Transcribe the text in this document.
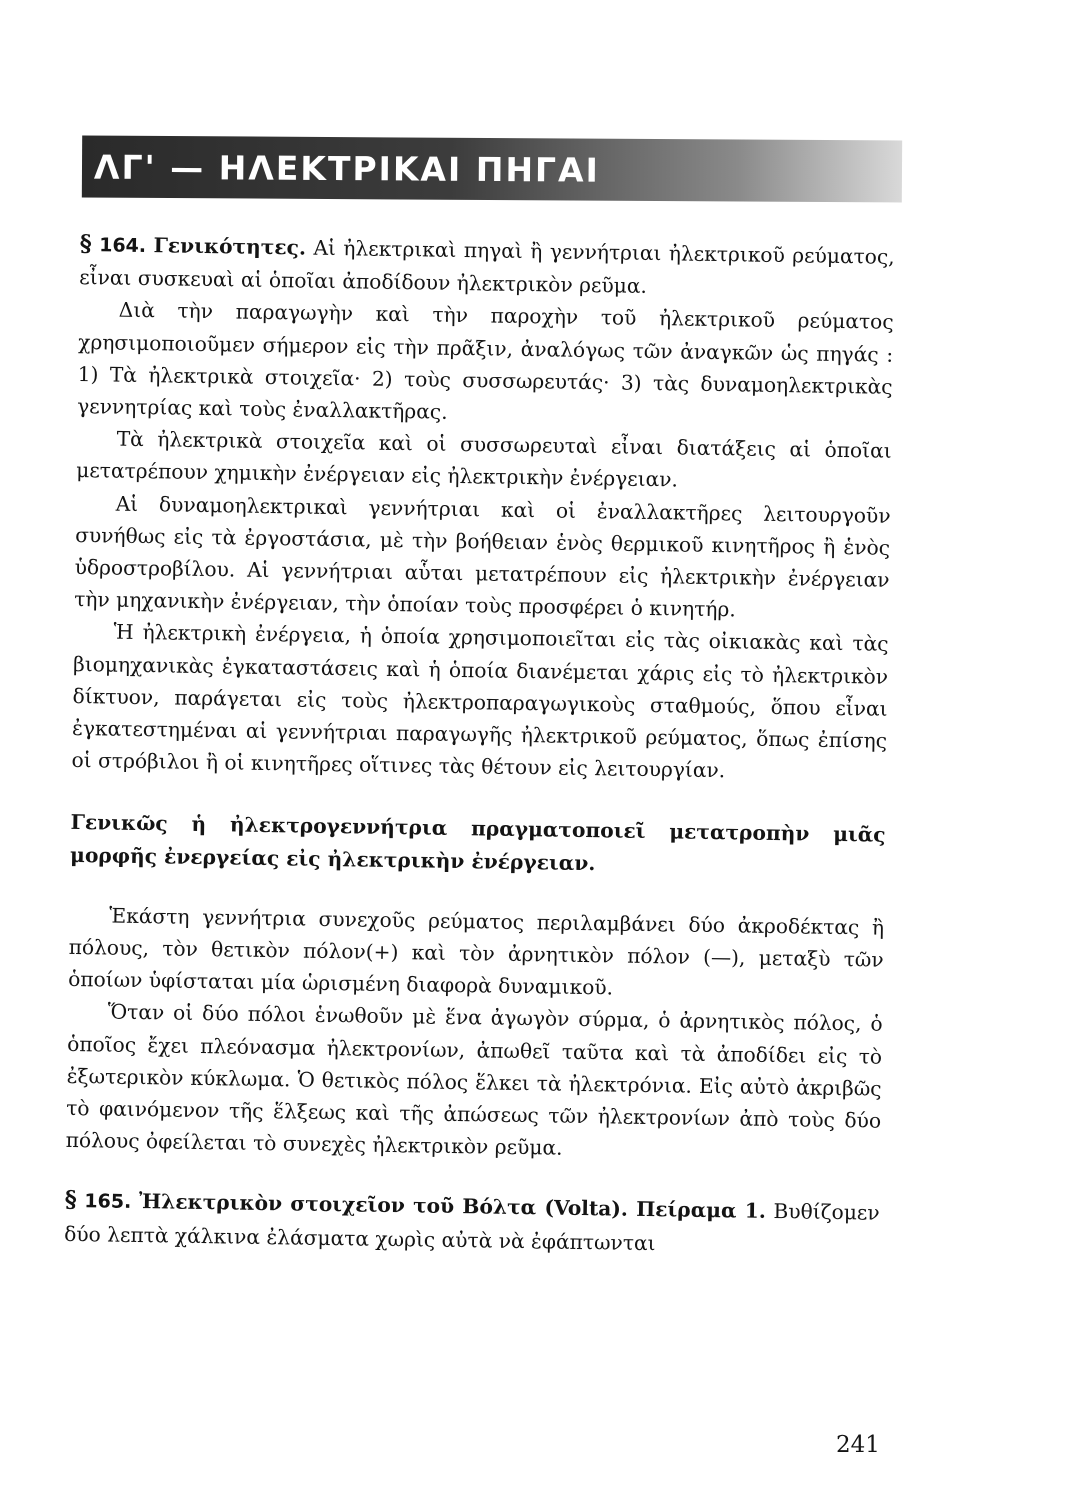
ΛΓ' — ΗΛΕΚΤΡΙΚΑΙ ΠΗΓΑΙ

§ 164. Γενικότητες. Αἱ ἠλεκτρικαὶ πηγαὶ ἢ γεννήτριαι ἠλεκτρικοῦ ρεύματος, εἶναι συσκευαὶ αἱ ὁποῖαι ἀποδίδουν ἠλεκτρικὸν ρεῦμα.

Διὰ τὴν παραγωγὴν καὶ τὴν παροχὴν τοῦ ἠλεκτρικοῦ ρεύματος χρησιμοποιοῦμεν σήμερον εἰς τὴν πρᾶξιν, ἀναλόγως τῶν ἀναγκῶν ὡς πηγάς : 1) Τὰ ἠλεκτρικὰ στοιχεῖα· 2) τοὺς συσσωρευτάς· 3) τὰς δυναμοηλεκτρικὰς γεννητρίας καὶ τοὺς ἐναλλακτῆρας.

Τὰ ἠλεκτρικὰ στοιχεῖα καὶ οἱ συσσωρευταὶ εἶναι διατάξεις αἱ ὁποῖαι μετατρέπουν χημικὴν ἐνέργειαν εἰς ἠλεκτρικὴν ἐνέργειαν.

Αἱ δυναμοηλεκτρικαὶ γεννήτριαι καὶ οἱ ἐναλλακτῆρες λειτουργοῦν συνήθως εἰς τὰ ἐργοστάσια, μὲ τὴν βοήθειαν ἑνὸς θερμικοῦ κινητῆρος ἢ ἑνὸς ὑδροστροβίλου. Αἱ γεννήτριαι αὗται μετατρέπουν εἰς ἠλεκτρικὴν ἐνέργειαν τὴν μηχανικὴν ἐνέργειαν, τὴν ὁποίαν τοὺς προσφέρει ὁ κινητήρ.

Ἡ ἠλεκτρικὴ ἐνέργεια, ἡ ὁποία χρησιμοποιεῖται εἰς τὰς οἰκιακὰς καὶ τὰς βιομηχανικὰς ἐγκαταστάσεις καὶ ἡ ὁποία διανέμεται χάρις εἰς τὸ ἠλεκτρικὸν δίκτυον, παράγεται εἰς τοὺς ἠλεκτροπαραγωγικοὺς σταθμούς, ὅπου εἶναι ἐγκατεστημέναι αἱ γεννήτριαι παραγωγῆς ἠλεκτρικοῦ ρεύματος, ὅπως ἐπίσης οἱ στρόβιλοι ἢ οἱ κινητῆρες οἵτινες τὰς θέτουν εἰς λειτουργίαν.

Γενικῶς ἡ ἠλεκτρογεννήτρια πραγματοποιεῖ μετατροπὴν μιᾶς μορφῆς ἐνεργείας εἰς ἠλεκτρικὴν ἐνέργειαν.

Ἑκάστη γεννήτρια συνεχοῦς ρεύματος περιλαμβάνει δύο ἀκροδέκτας ἢ πόλους, τὸν θετικὸν πόλον(+) καὶ τὸν ἀρνητικὸν πόλον (—), μεταξὺ τῶν ὁποίων ὑφίσταται μία ὡρισμένη διαφορὰ δυναμικοῦ.

Ὅταν οἱ δύο πόλοι ἑνωθοῦν μὲ ἕνα ἀγωγὸν σύρμα, ὁ ἀρνητικὸς πόλος, ὁ ὁποῖος ἔχει πλεόνασμα ἠλεκτρονίων, ἀπωθεῖ ταῦτα καὶ τὰ ἀποδίδει εἰς τὸ ἐξωτερικὸν κύκλωμα. Ὁ θετικὸς πόλος ἕλκει τὰ ἠλεκτρόνια. Εἰς αὐτὸ ἀκριβῶς τὸ φαινόμενον τῆς ἕλξεως καὶ τῆς ἀπώσεως τῶν ἠλεκτρονίων ἀπὸ τοὺς δύο πόλους ὀφείλεται τὸ συνεχὲς ἠλεκτρικὸν ρεῦμα.

§ 165. Ἠλεκτρικὸν στοιχεῖον τοῦ Βόλτα (Volta). Πείραμα 1. Βυθίζομεν δύο λεπτὰ χάλκινα ἐλάσματα χωρὶς αὐτὰ νὰ ἐφάπτωνται

241
